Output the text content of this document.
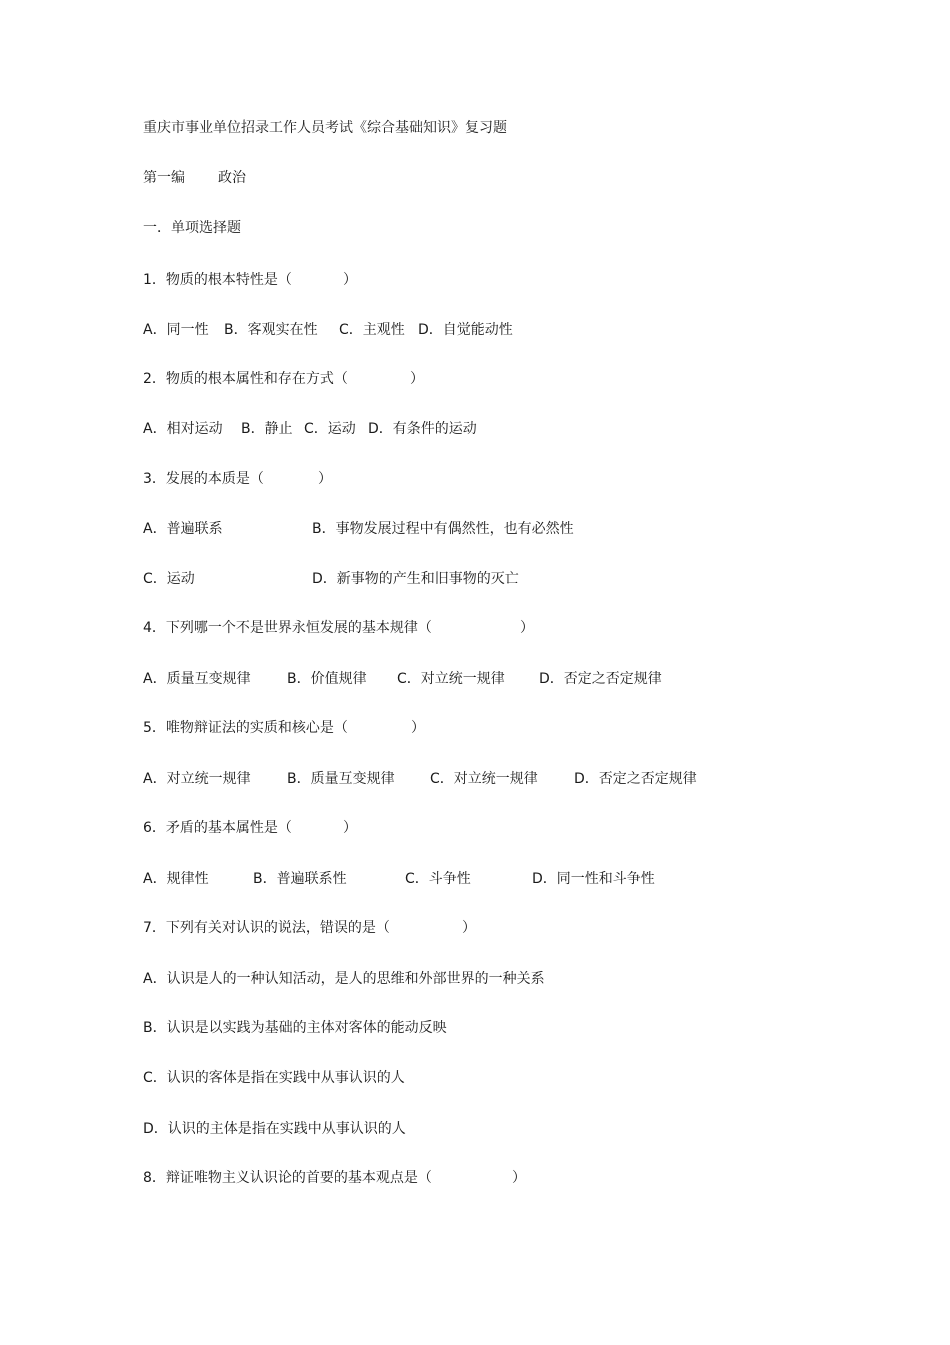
重庆市事业单位招录工作人员考试《综合基础知识》复习题

第一编

政治

一．单项选择题

1．物质的根本特性是（

	）

A．同一性

B．客观实在性

C．主观性

D．自觉能动性

2．物质的根本属性和存在方式（

	）

A．相对运动

B．静止

C．运动

D．有条件的运动

3．发展的本质是（

	）

A．普遍联系

	B．事物发展过程中有偶然性，也有必然性

C．运动

	D．新事物的产生和旧事物的灭亡

4．下列哪一个不是世界永恒发展的基本规律（

	）

A．质量互变规律

	B．价值规律

C．对立统一规律

D．否定之否定规律

5．唯物辩证法的实质和核心是（

	）

A．对立统一规律

	B．质量互变规律

	C．对立统一规律

	D．否定之否定规律

6．矛盾的基本属性是（

	）

A．规律性

	B．普遍联系性

	C．斗争性

	D．同一性和斗争性

7．下列有关对认识的说法，错误的是（

	）

A．认识是人的一种认知活动，是人的思维和外部世界的一种关系
B．认识是以实践为基础的主体对客体的能动反映
C．认识的客体是指在实践中从事认识的人
D．认识的主体是指在实践中从事认识的人

8．辩证唯物主义认识论的首要的基本观点是（

	）
